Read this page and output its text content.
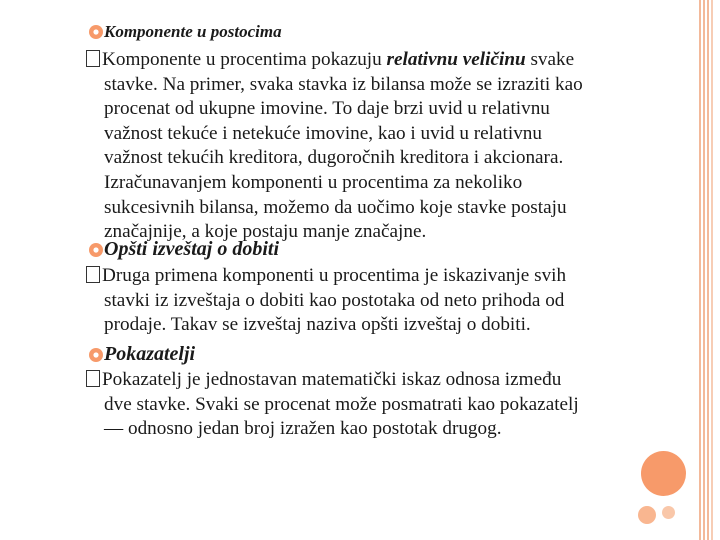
Komponente u postocima
Komponente u procentima pokazuju relativnu veličinu svake
stavke. Na primer, svaka stavka iz bilansa može se izraziti kao
procenat od ukupne imovine. To daje brzi uvid u relativnu
važnost tekuće i netekuće imovine, kao i uvid u relativnu
važnost tekućih kreditora, dugoročnih kreditora i akcionara.
Izračunavanjem komponenti u procentima za nekoliko
sukcesivnih bilansa, možemo da uočimo koje stavke postaju
značajnije, a koje postaju manje značajne.
Opšti izveštaj o dobiti
Druga primena komponenti u procentima je iskazivanje svih
stavki iz izveštaja o dobiti kao postotaka od neto prihoda od
prodaje. Takav se izveštaj naziva opšti izveštaj o dobiti.
Pokazatelji
Pokazatelj je jednostavan matematički iskaz odnosa između
dve stavke. Svaki se procenat može posmatrati kao pokazatelj
— odnosno jedan broj izražen kao postotak drugog.
